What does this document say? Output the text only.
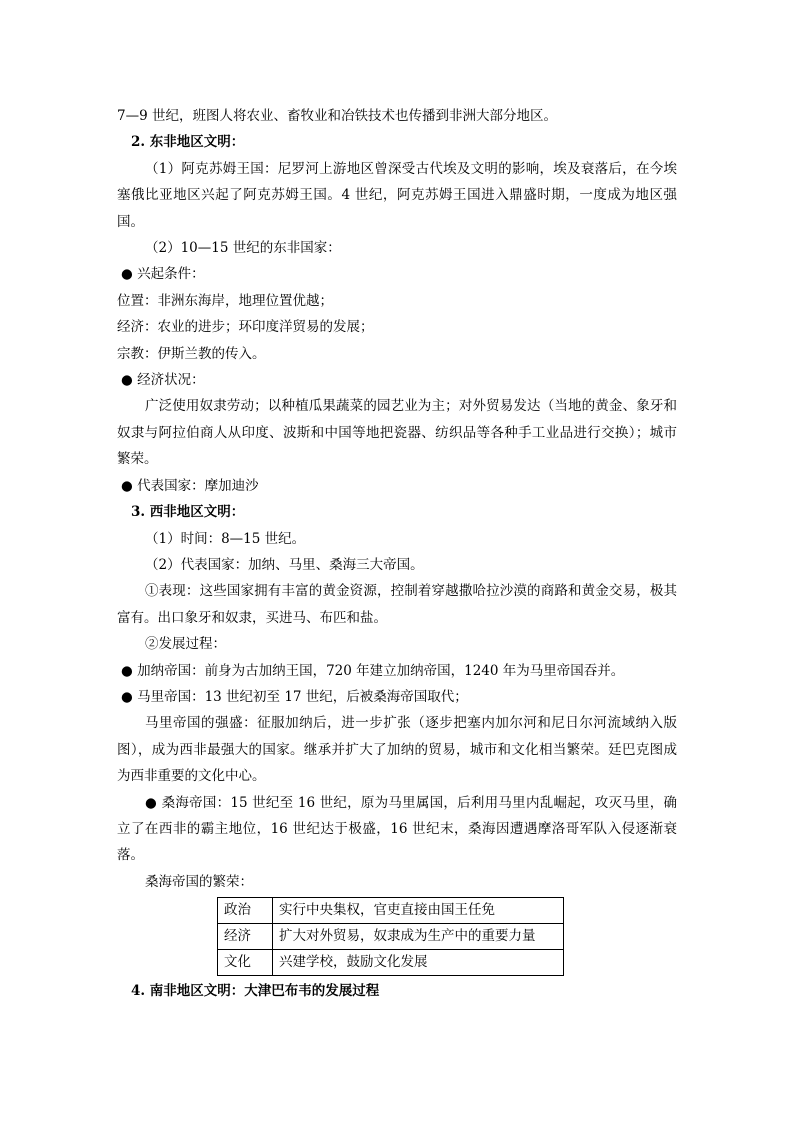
7—9 世纪，班图人将农业、畜牧业和冶铁技术也传播到非洲大部分地区。
2. 东非地区文明：
（1）阿克苏姆王国：尼罗河上游地区曾深受古代埃及文明的影响，埃及衰落后，在今埃塞俄比亚地区兴起了阿克苏姆王国。4 世纪，阿克苏姆王国进入鼎盛时期，一度成为地区强国。
（2）10—15 世纪的东非国家：
● 兴起条件：
位置：非洲东海岸，地理位置优越；
经济：农业的进步；环印度洋贸易的发展；
宗教：伊斯兰教的传入。
● 经济状况：
广泛使用奴隶劳动；以种植瓜果蔬菜的园艺业为主；对外贸易发达（当地的黄金、象牙和奴隶与阿拉伯商人从印度、波斯和中国等地把瓷器、纺织品等各种手工业品进行交换）；城市繁荣。
● 代表国家：摩加迪沙
3. 西非地区文明：
（1）时间：8—15 世纪。
（2）代表国家：加纳、马里、桑海三大帝国。
①表现：这些国家拥有丰富的黄金资源，控制着穿越撒哈拉沙漠的商路和黄金交易，极其富有。出口象牙和奴隶，买进马、布匹和盐。
②发展过程：
● 加纳帝国：前身为古加纳王国，720 年建立加纳帝国，1240 年为马里帝国吞并。
● 马里帝国：13 世纪初至 17 世纪，后被桑海帝国取代；
马里帝国的强盛：征服加纳后，进一步扩张（逐步把塞内加尔河和尼日尔河流域纳入版图），成为西非最强大的国家。继承并扩大了加纳的贸易，城市和文化相当繁荣。廷巴克图成为西非重要的文化中心。
● 桑海帝国：15 世纪至 16 世纪，原为马里属国，后利用马里内乱崛起，攻灭马里，确立了在西非的霸主地位，16 世纪达于极盛，16 世纪末，桑海因遭遇摩洛哥军队入侵逐渐衰落。
桑海帝国的繁荣：
政治	实行中央集权，官吏直接由国王任免
经济	扩大对外贸易，奴隶成为生产中的重要力量
文化	兴建学校，鼓励文化发展
4. 南非地区文明：大津巴布韦的发展过程
